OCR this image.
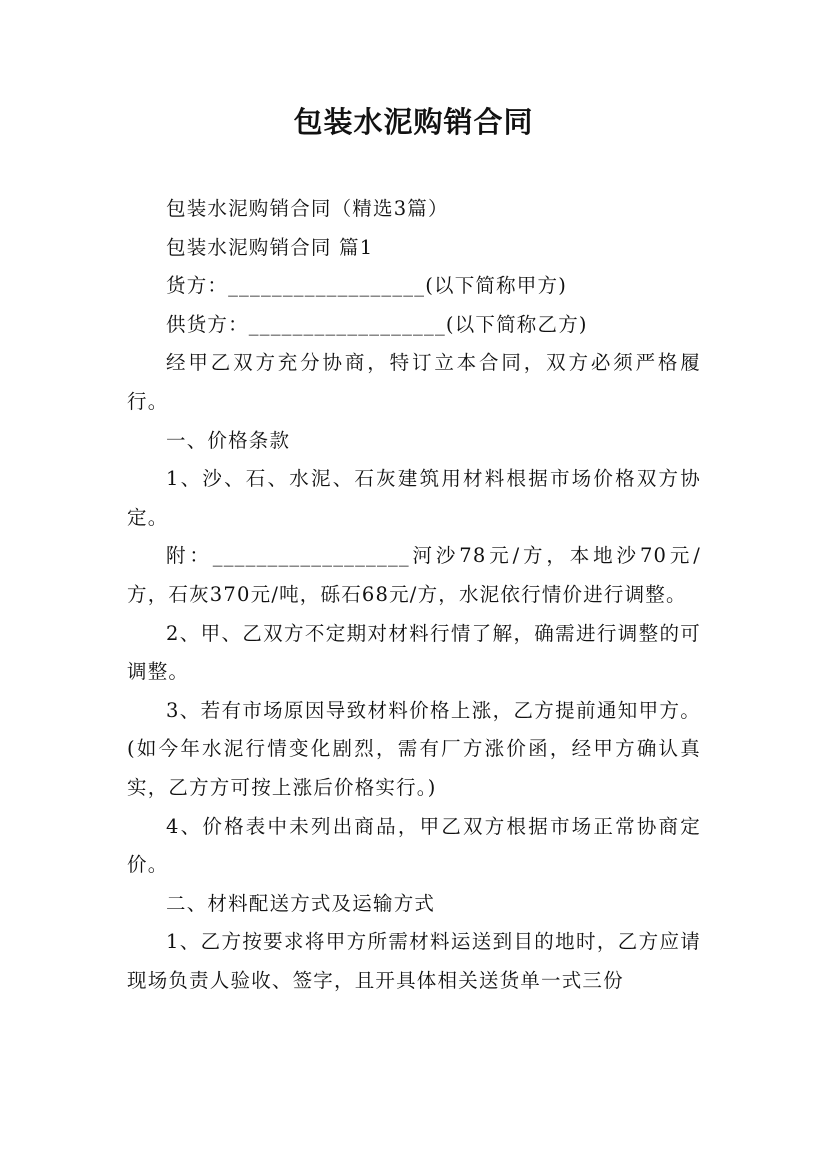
包装水泥购销合同

包装水泥购销合同（精选3篇）

包装水泥购销合同 篇1

货方：__________________(以下简称甲方)

供货方：__________________(以下简称乙方)

经甲乙双方充分协商，特订立本合同，双方必须严格履行。

一、价格条款

1、沙、石、水泥、石灰建筑用材料根据市场价格双方协定。

附：__________________河沙78元/方，本地沙70元/方，石灰370元/吨，砾石68元/方，水泥依行情价进行调整。

2、甲、乙双方不定期对材料行情了解，确需进行调整的可调整。

3、若有市场原因导致材料价格上涨，乙方提前通知甲方。(如今年水泥行情变化剧烈，需有厂方涨价函，经甲方确认真实，乙方方可按上涨后价格实行。)

4、价格表中未列出商品，甲乙双方根据市场正常协商定价。

二、材料配送方式及运输方式

1、乙方按要求将甲方所需材料运送到目的地时，乙方应请现场负责人验收、签字，且开具体相关送货单一式三份
